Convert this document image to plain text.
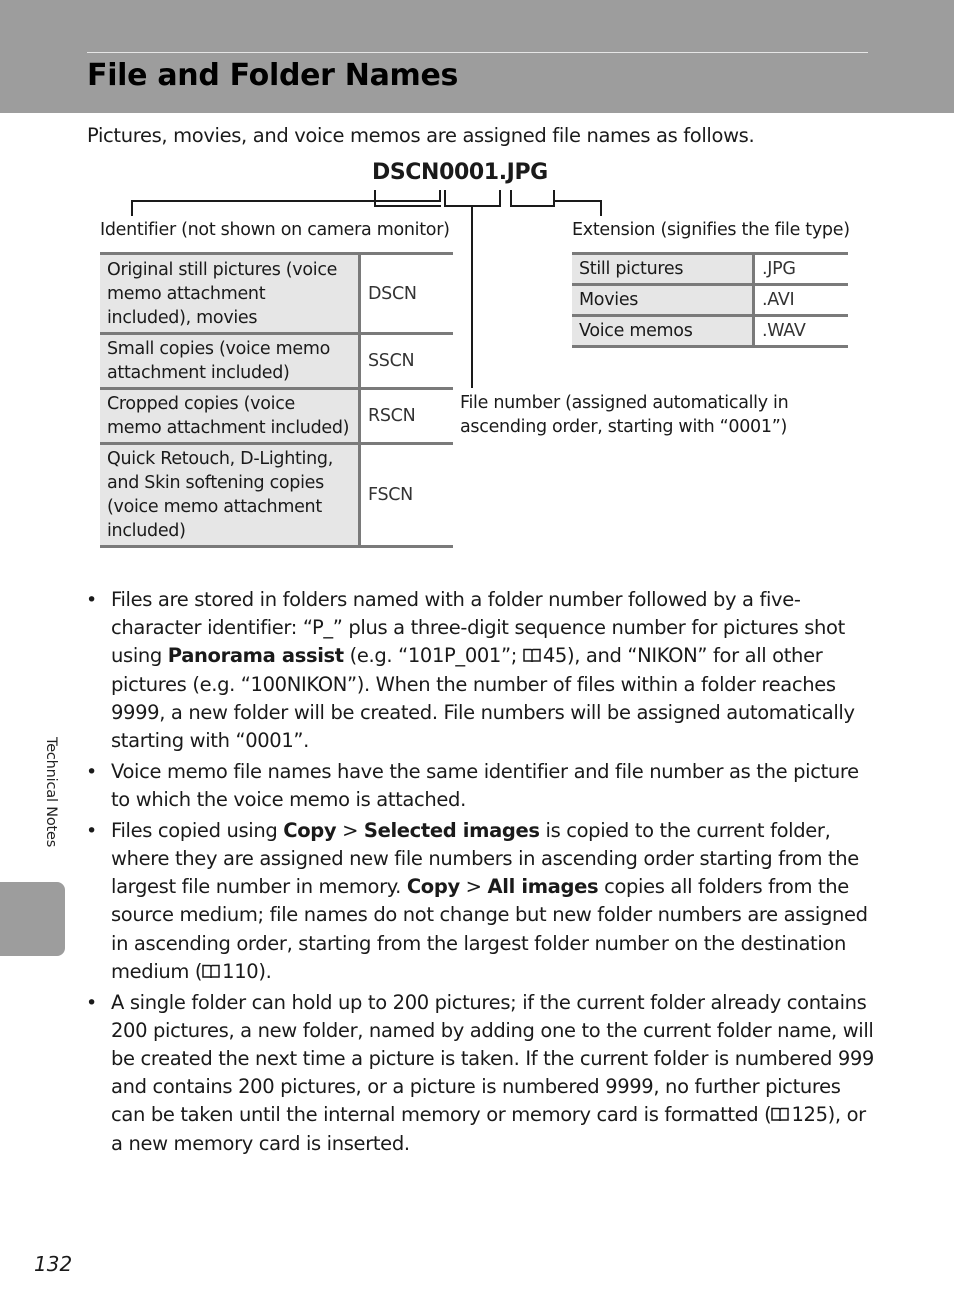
File and Folder Names

Pictures, movies, and voice memos are assigned file names as follows.

DSCN0001.JPG
Identifier (not shown on camera monitor)	Extension (signifies the file type)
File number (assigned automatically in
ascending order, starting with “0001”)
Original still pictures (voice
memo attachment
included), movies	DSCN

Small copies (voice memo
attachment included)	SSCN

Cropped copies (voice
memo attachment included)	RSCN

Quick Retouch, D-Lighting,
and Skin softening copies
(voice memo attachment
included)	FSCN
Still pictures	.JPG
Movies	.AVI
Voice memos	.WAV
• Files are stored in folders named with a folder number followed by a five-character identifier: “P_” plus a three-digit sequence number for pictures shot using Panorama assist (e.g. “101P_001”; 45), and “NIKON” for all other pictures (e.g. “100NIKON”). When the number of files within a folder reaches 9999, a new folder will be created. File numbers will be assigned automatically starting with “0001”.
• Voice memo file names have the same identifier and file number as the picture to which the voice memo is attached.
• Files copied using Copy > Selected images is copied to the current folder, where they are assigned new file numbers in ascending order starting from the largest file number in memory. Copy > All images copies all folders from the source medium; file names do not change but new folder numbers are assigned in ascending order, starting from the largest folder number on the destination medium ( 110).
• A single folder can hold up to 200 pictures; if the current folder already contains 200 pictures, a new folder, named by adding one to the current folder name, will be created the next time a picture is taken. If the current folder is numbered 999 and contains 200 pictures, or a picture is numbered 9999, no further pictures can be taken until the internal memory or memory card is formatted ( 125), or a new memory card is inserted.
Technical Notes
132
